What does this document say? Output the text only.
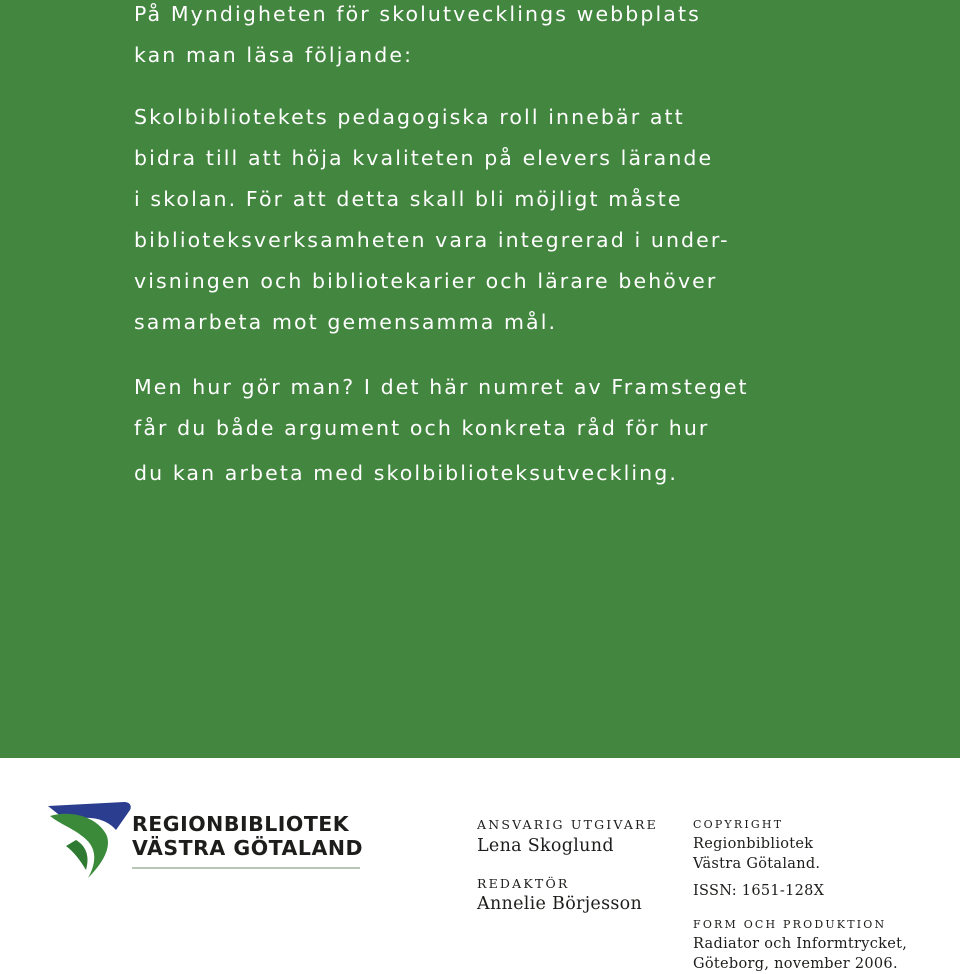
På Myndigheten för skolutvecklings webbplats
kan man läsa följande:
Skolbibliotekets pedagogiska roll innebär att
bidra till att höja kvaliteten på elevers lärande
i skolan. För att detta skall bli möjligt måste
biblioteksverksamheten vara integrerad i under-
visningen och bibliotekarier och lärare behöver
samarbeta mot gemensamma mål.
Men hur gör man? I det här numret av Framsteget
får du både argument och konkreta råd för hur
du kan arbeta med skolbiblioteksutveckling.
REGIONBIBLIOTEK
VÄSTRA GÖTALAND
ANSVARIG UTGIVARE
Lena Skoglund
REDAKTÖR
Annelie Börjesson
COPYRIGHT
Regionbibliotek
Västra Götaland.
ISSN: 1651-128X
FORM OCH PRODUKTION
Radiator och Informtrycket,
Göteborg, november 2006.
